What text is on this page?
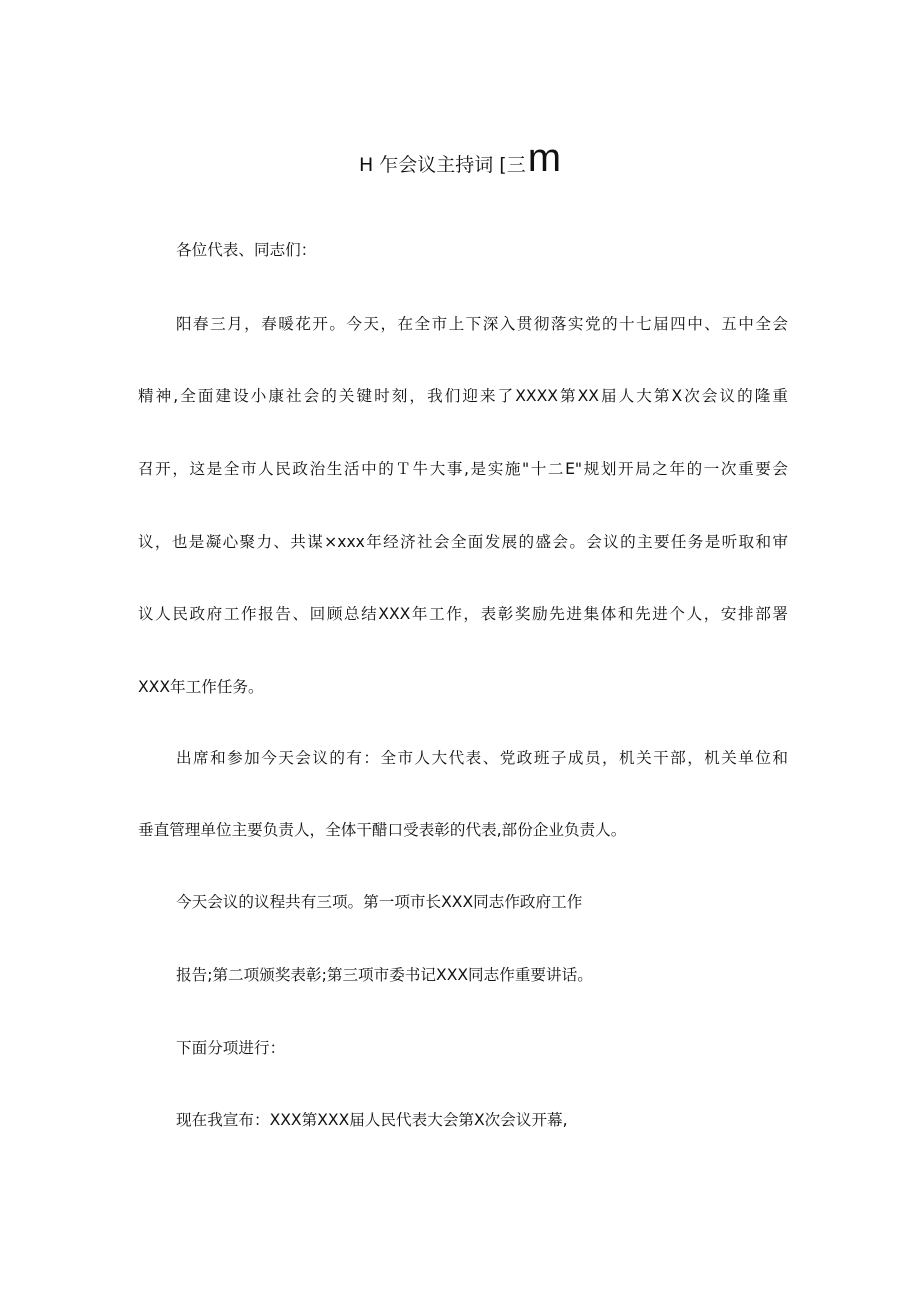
H 乍会议主持词 [三m
各位代表、同志们：
阳春三月，春暖花开。今天，在全市上下深入贯彻落实党的十七届四中、五中全会
精神,全面建设小康社会的关键时刻，我们迎来了XXXX第XX届人大第X次会议的隆重
召开，这是全市人民政治生活中的Ｔ牛大事,是实施"十二E"规划开局之年的一次重要会
议，也是凝心聚力、共谋×xxx年经济社会全面发展的盛会。会议的主要任务是听取和审
议人民政府工作报告、回顾总结XXX年工作，表彰奖励先进集体和先进个人，安排部署
XXX年工作任务。
出席和参加今天会议的有：全市人大代表、党政班子成员，机关干部，机关单位和
垂直管理单位主要负责人，全体干醋口受表彰的代表,部份企业负责人。
今天会议的议程共有三项。第一项市长XXX同志作政府工作
报告;第二项颁奖表彰;第三项市委书记XXX同志作重要讲话。
下面分项进行：
现在我宣布：XXX第XXX届人民代表大会第X次会议开幕,
